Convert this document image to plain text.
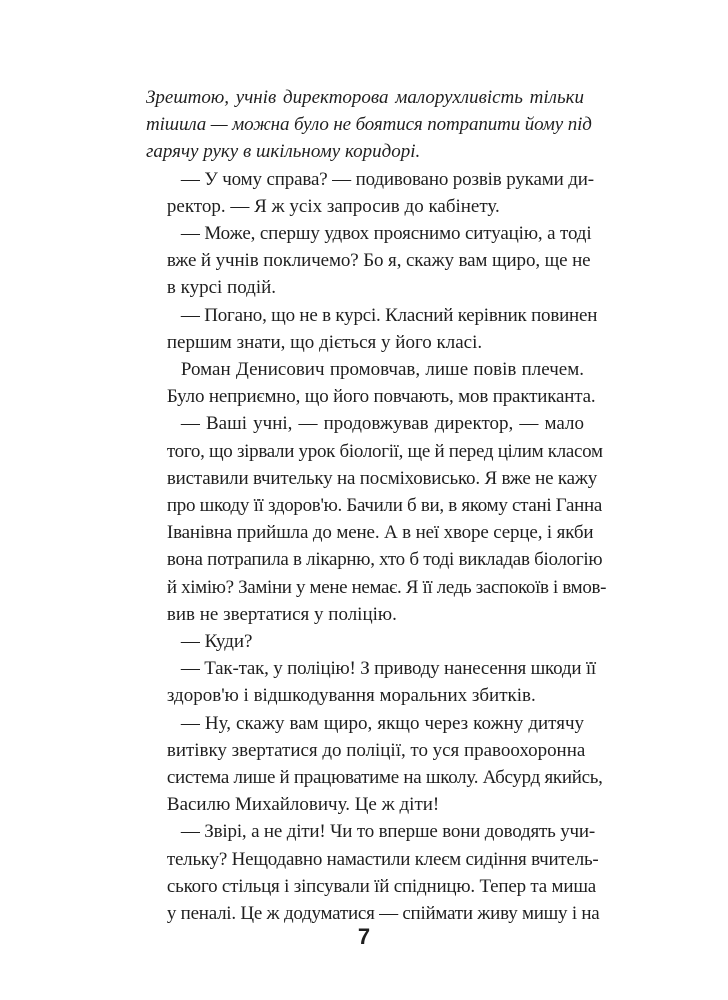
Зрештою, учнів директорова малорухливість тільки
тішила — можна було не боятися потрапити йому під
гарячу руку в шкільному коридорі.
— У чому справа? — подивовано розвів руками ди-
ректор. — Я ж усіх запросив до кабінету.
— Може, спершу удвох прояснимо ситуацію, а тоді
вже й учнів покличемо? Бо я, скажу вам щиро, ще не
в курсі подій.
— Погано, що не в курсі. Класний керівник повинен
першим знати, що діється у його класі.
Роман Денисович промовчав, лише повів плечем.
Було неприємно, що його повчають, мов практиканта.
— Ваші учні, — продовжував директор, — мало
того, що зірвали урок біології, ще й перед цілим класом
виставили вчительку на посміховисько. Я вже не кажу
про шкоду її здоров'ю. Бачили б ви, в якому стані Ганна
Іванівна прийшла до мене. А в неї хворе серце, і якби
вона потрапила в лікарню, хто б тоді викладав біологію
й хімію? Заміни у мене немає. Я її ледь заспокоїв і вмов-
вив не звертатися у поліцію.
— Куди?
— Так-так, у поліцію! З приводу нанесення шкоди її
здоров'ю і відшкодування моральних збитків.
— Ну, скажу вам щиро, якщо через кожну дитячу
витівку звертатися до поліції, то уся правоохоронна
система лише й працюватиме на школу. Абсурд якийсь,
Василю Михайловичу. Це ж діти!
— Звірі, а не діти! Чи то вперше вони доводять учи-
тельку? Нещодавно намастили клеєм сидіння вчитель-
ського стільця і зіпсували їй спідницю. Тепер та миша
у пеналі. Це ж додуматися — спіймати живу мишу і на
7
